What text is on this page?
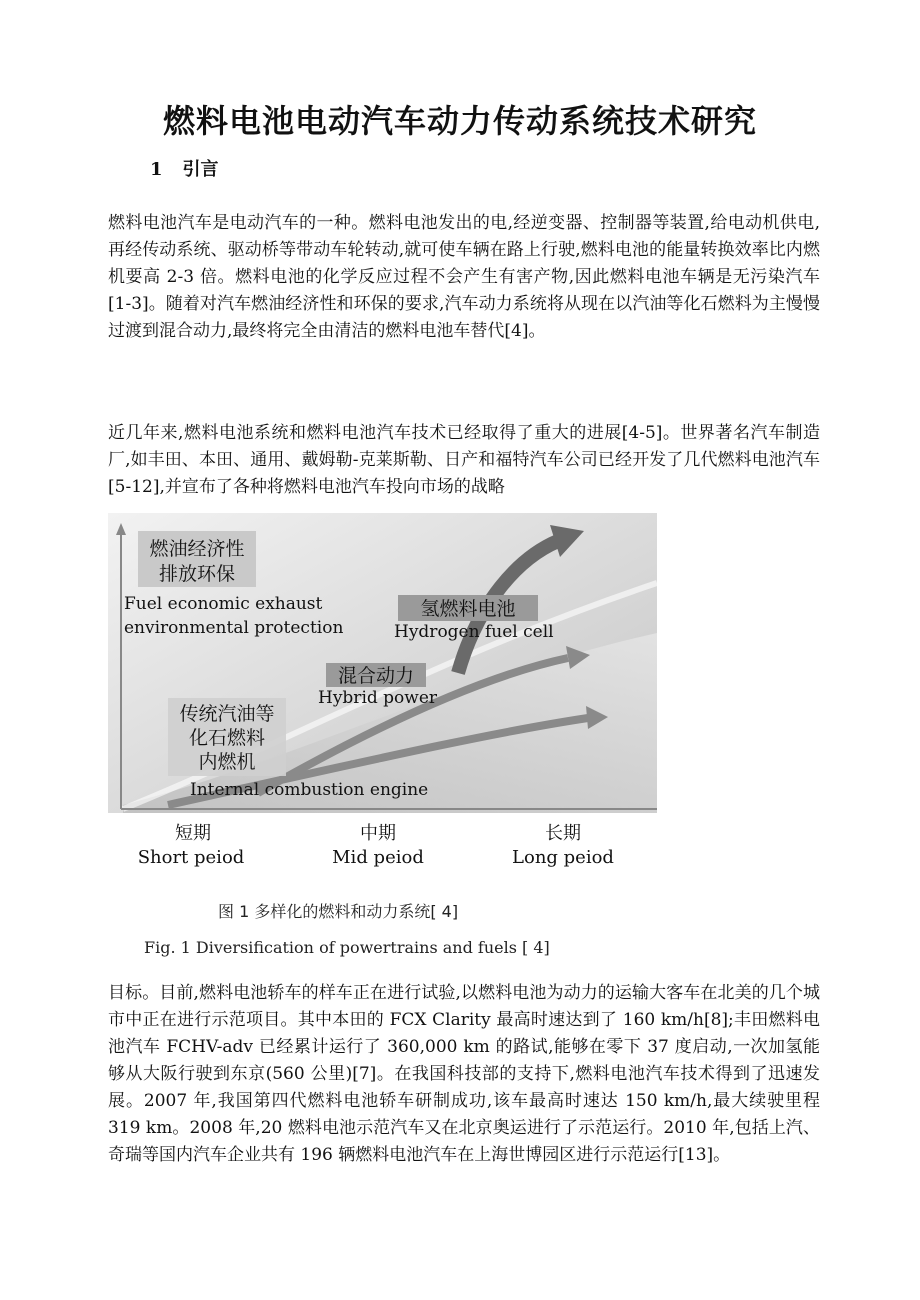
燃料电池电动汽车动力传动系统技术研究
1 引言

燃料电池汽车是电动汽车的一种。燃料电池发出的电,经逆变器、控制器等装置,给电动机供电,再经传动系统、驱动桥等带动车轮转动,就可使车辆在路上行驶,燃料电池的能量转换效率比内燃机要高 2-3 倍。燃料电池的化学反应过程不会产生有害产物,因此燃料电池车辆是无污染汽车[1-3]。随着对汽车燃油经济性和环保的要求,汽车动力系统将从现在以汽油等化石燃料为主慢慢过渡到混合动力,最终将完全由清洁的燃料电池车替代[4]。

近几年来,燃料电池系统和燃料电池汽车技术已经取得了重大的进展[4-5]。世界著名汽车制造厂,如丰田、本田、通用、戴姆勒-克莱斯勒、日产和福特汽车公司已经开发了几代燃料电池汽车[5-12],并宣布了各种将燃料电池汽车投向市场的战略

燃油经济性
排放环保
氢燃料电池
混合动力
传统汽油等
化石燃料
内燃机
Fuel economic exhaust
environmental protection	Hydrogen fuel cell
Hybrid power
Internal combustion engine
短期
Short peiod
中期
Mid peiod
长期
Long peiod
图 1 多样化的燃料和动力系统[ 4]
Fig. 1 Diversification of powertrains and fuels [ 4]

目标。目前,燃料电池轿车的样车正在进行试验,以燃料电池为动力的运输大客车在北美的几个城市中正在进行示范项目。其中本田的 FCX Clarity 最高时速达到了 160 km/h[8];丰田燃料电池汽车 FCHV-adv 已经累计运行了 360,000 km 的路试,能够在零下 37 度启动,一次加氢能够从大阪行驶到东京(560 公里)[7]。在我国科技部的支持下,燃料电池汽车技术得到了迅速发展。2007 年,我国第四代燃料电池轿车研制成功,该车最高时速达 150 km/h,最大续驶里程 319 km。2008 年,20 燃料电池示范汽车又在北京奥运进行了示范运行。2010 年,包括上汽、奇瑞等国内汽车企业共有 196 辆燃料电池汽车在上海世博园区进行示范运行[13]。
